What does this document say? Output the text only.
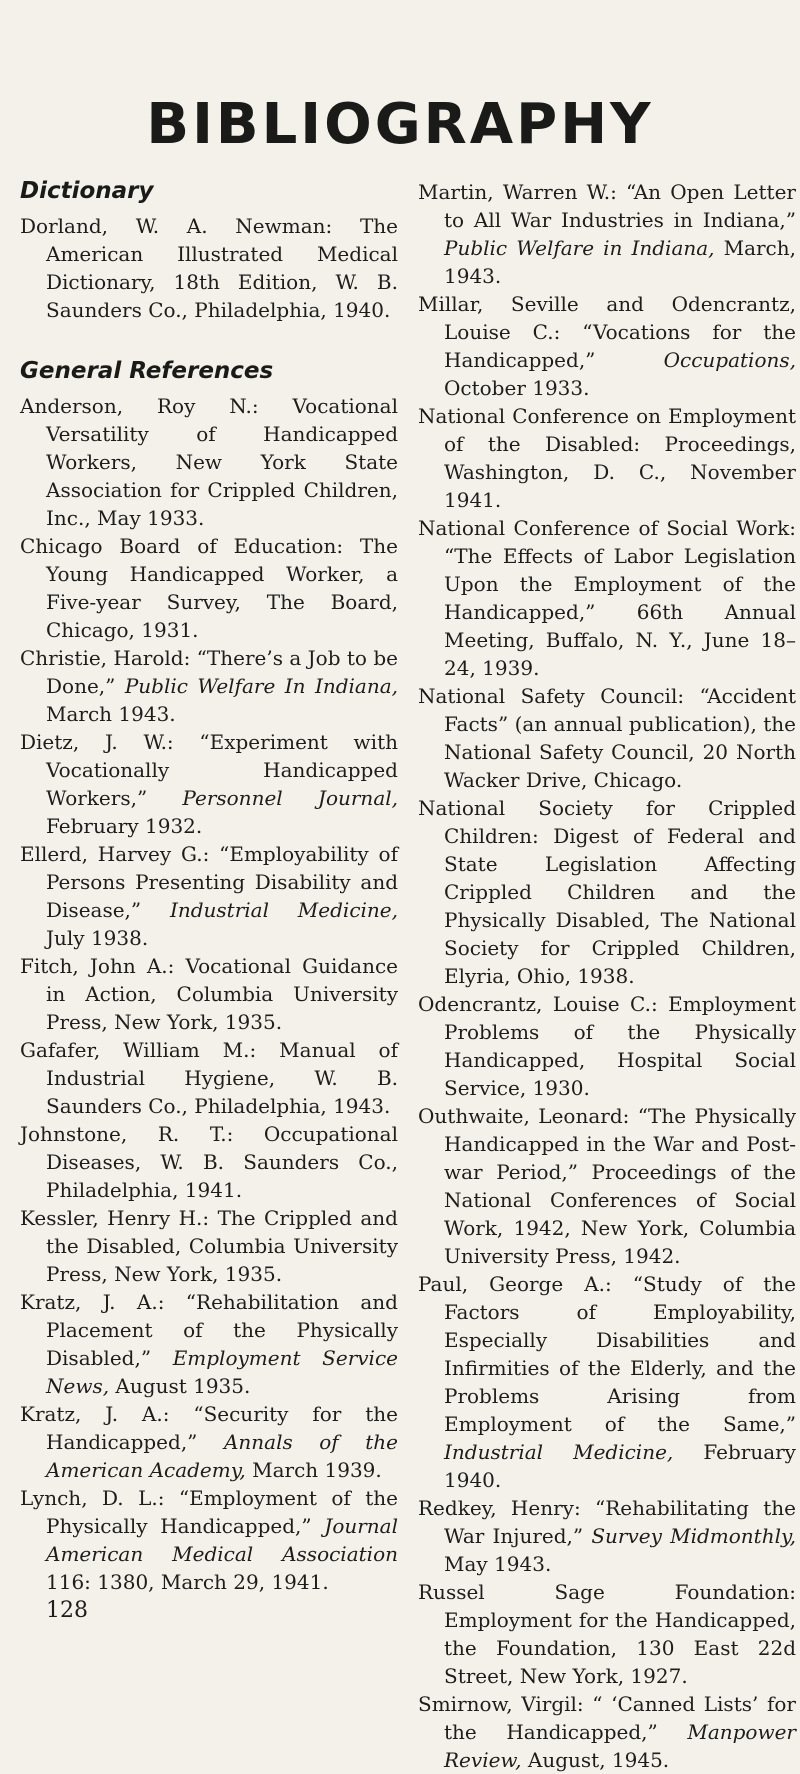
BIBLIOGRAPHY
Dictionary

Dorland, W. A. Newman: The American Illustrated Medical Dictionary, 18th Edition, W. B. Saunders Co., Philadelphia, 1940.

General References

Anderson, Roy N.: Vocational Versatility of Handicapped Workers, New York State Association for Crippled Children, Inc., May 1933.

Chicago Board of Education: The Young Handicapped Worker, a Five-year Survey, The Board, Chicago, 1931.

Christie, Harold: “There’s a Job to be Done,” Public Welfare In Indiana, March 1943.

Dietz, J. W.: “Experiment with Vocationally Handicapped Workers,” Personnel Journal, February 1932.

Ellerd, Harvey G.: “Employability of Persons Presenting Disability and Disease,” Industrial Medicine, July 1938.

Fitch, John A.: Vocational Guidance in Action, Columbia University Press, New York, 1935.

Gafafer, William M.: Manual of Industrial Hygiene, W. B. Saunders Co., Philadelphia, 1943.

Johnstone, R. T.: Occupational Diseases, W. B. Saunders Co., Philadelphia, 1941.

Kessler, Henry H.: The Crippled and the Disabled, Columbia University Press, New York, 1935.

Kratz, J. A.: “Rehabilitation and Placement of the Physically Disabled,” Employment Service News, August 1935.

Kratz, J. A.: “Security for the Handicapped,” Annals of the American Academy, March 1939.

Lynch, D. L.: “Employment of the Physically Handicapped,” Journal American Medical Association 116: 1380, March 29, 1941.

128

Martin, Warren W.: “An Open Letter to All War Industries in Indiana,” Public Welfare in Indiana, March, 1943.

Millar, Seville and Odencrantz, Louise C.: “Vocations for the Handicapped,” Occupations, October 1933.

National Conference on Employment of the Disabled: Proceedings, Washington, D. C., November 1941.

National Conference of Social Work: “The Effects of Labor Legislation Upon the Employment of the Handicapped,” 66th Annual Meeting, Buffalo, N. Y., June 18–24, 1939.

National Safety Council: “Accident Facts” (an annual publication), the National Safety Council, 20 North Wacker Drive, Chicago.

National Society for Crippled Children: Digest of Federal and State Legislation Affecting Crippled Children and the Physically Disabled, The National Society for Crippled Children, Elyria, Ohio, 1938.

Odencrantz, Louise C.: Employment Problems of the Physically Handicapped, Hospital Social Service, 1930.

Outhwaite, Leonard: “The Physically Handicapped in the War and Post-war Period,” Proceedings of the National Conferences of Social Work, 1942, New York, Columbia University Press, 1942.

Paul, George A.: “Study of the Factors of Employability, Especially Disabilities and Infirmities of the Elderly, and the Problems Arising from Employment of the Same,” Industrial Medicine, February 1940.

Redkey, Henry: “Rehabilitating the War Injured,” Survey Midmonthly, May 1943.

Russel Sage Foundation: Employment for the Handicapped, the Foundation, 130 East 22d Street, New York, 1927.

Smirnow, Virgil: “ ‘Canned Lists’ for the Handicapped,” Manpower Review, August, 1945.
